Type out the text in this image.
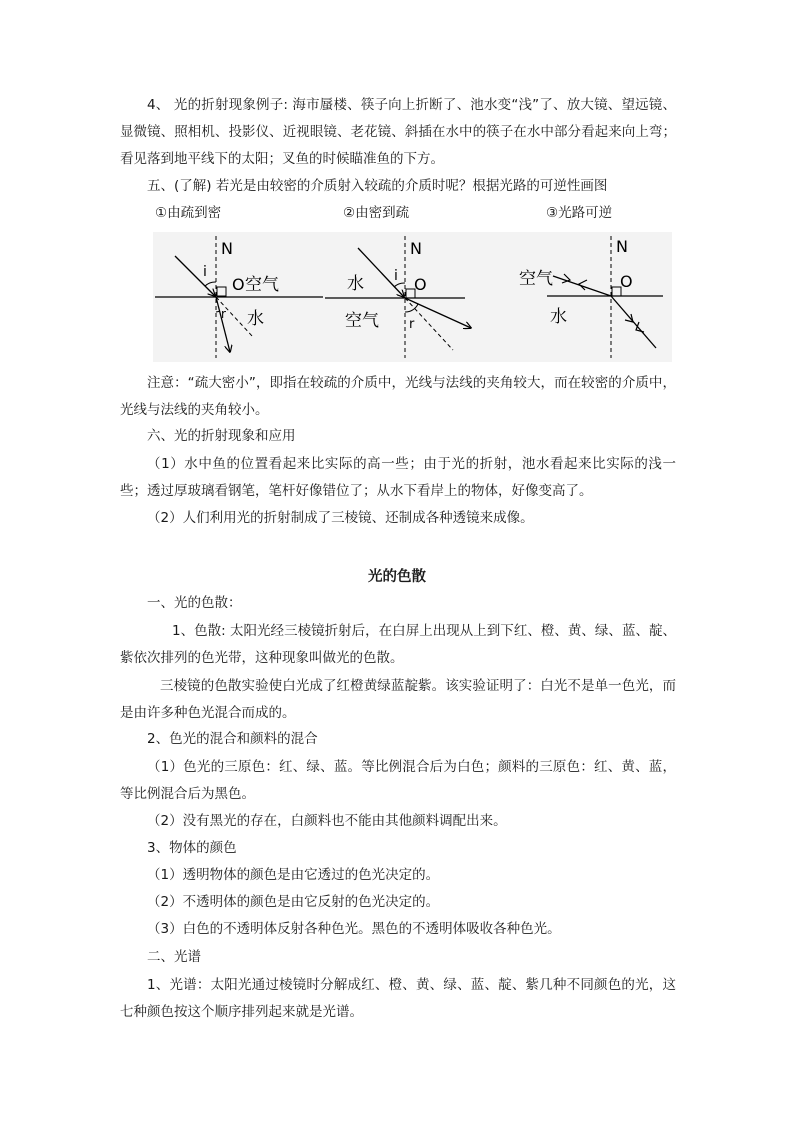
4、 光的折射现象例子: 海市蜃楼、筷子向上折断了、池水变“浅”了、放大镜、望远镜、显微镜、照相机、投影仪、近视眼镜、老花镜、斜插在水中的筷子在水中部分看起来向上弯；看见落到地平线下的太阳；叉鱼的时候瞄准鱼的下方。

五、(了解) 若光是由较密的介质射入较疏的介质时呢？根据光路的可逆性画图
①由疏到密	②由密到疏	③光路可逆
N
i
O 空气
r 水
N
i
水	O
空气 r
N
空气	O
水

注意：“疏大密小”，即指在较疏的介质中，光线与法线的夹角较大，而在较密的介质中，光线与法线的夹角较小。

六、光的折射现象和应用

（1）水中鱼的位置看起来比实际的高一些；由于光的折射，池水看起来比实际的浅一些；透过厚玻璃看钢笔，笔杆好像错位了；从水下看岸上的物体，好像变高了。

（2）人们利用光的折射制成了三棱镜、还制成各种透镜来成像。
光的色散
一、光的色散：

1、色散: 太阳光经三棱镜折射后，在白屏上出现从上到下红、橙、黄、绿、蓝、靛、紫依次排列的色光带，这种现象叫做光的色散。

三棱镜的色散实验使白光成了红橙黄绿蓝靛紫。该实验证明了：白光不是单一色光，而是由许多种色光混合而成的。

2、色光的混合和颜料的混合

（1）色光的三原色：红、绿、蓝。等比例混合后为白色；颜料的三原色：红、黄、蓝，等比例混合后为黑色。

（2）没有黑光的存在，白颜料也不能由其他颜料调配出来。
3、物体的颜色
（1）透明物体的颜色是由它透过的色光决定的。
（2）不透明体的颜色是由它反射的色光决定的。
（3）白色的不透明体反射各种色光。黑色的不透明体吸收各种色光。
二、光谱

1、光谱：太阳光通过棱镜时分解成红、橙、黄、绿、蓝、靛、紫几种不同颜色的光，这七种颜色按这个顺序排列起来就是光谱。
